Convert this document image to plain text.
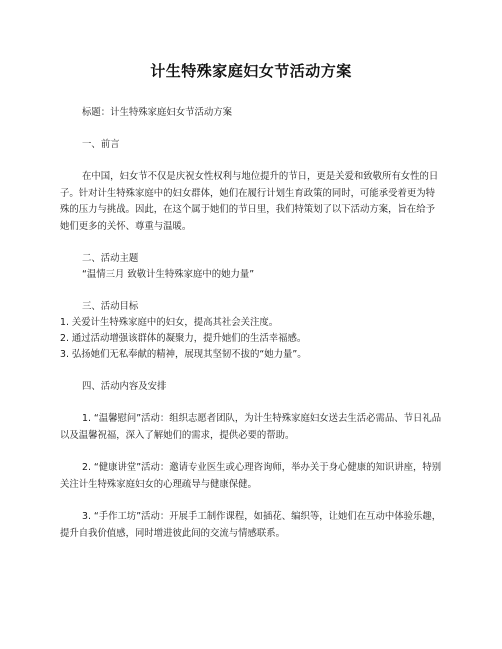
计生特殊家庭妇女节活动方案

标题：计生特殊家庭妇女节活动方案

一、前言

在中国，妇女节不仅是庆祝女性权利与地位提升的节日，更是关爱和致敬所有女性的日子。针对计生特殊家庭中的妇女群体，她们在履行计划生育政策的同时，可能承受着更为特殊的压力与挑战。因此，在这个属于她们的节日里，我们特策划了以下活动方案，旨在给予她们更多的关怀、尊重与温暖。

二、活动主题

“温情三月 致敬计生特殊家庭中的她力量”

三、活动目标

1. 关爱计生特殊家庭中的妇女，提高其社会关注度。

2. 通过活动增强该群体的凝聚力，提升她们的生活幸福感。

3. 弘扬她们无私奉献的精神，展现其坚韧不拔的“她力量”。

四、活动内容及安排

1. “温馨慰问”活动：组织志愿者团队，为计生特殊家庭妇女送去生活必需品、节日礼品以及温馨祝福，深入了解她们的需求，提供必要的帮助。

2. “健康讲堂”活动：邀请专业医生或心理咨询师，举办关于身心健康的知识讲座，特别关注计生特殊家庭妇女的心理疏导与健康保健。

3. “手作工坊”活动：开展手工制作课程，如插花、编织等，让她们在互动中体验乐趣，提升自我价值感，同时增进彼此间的交流与情感联系。
